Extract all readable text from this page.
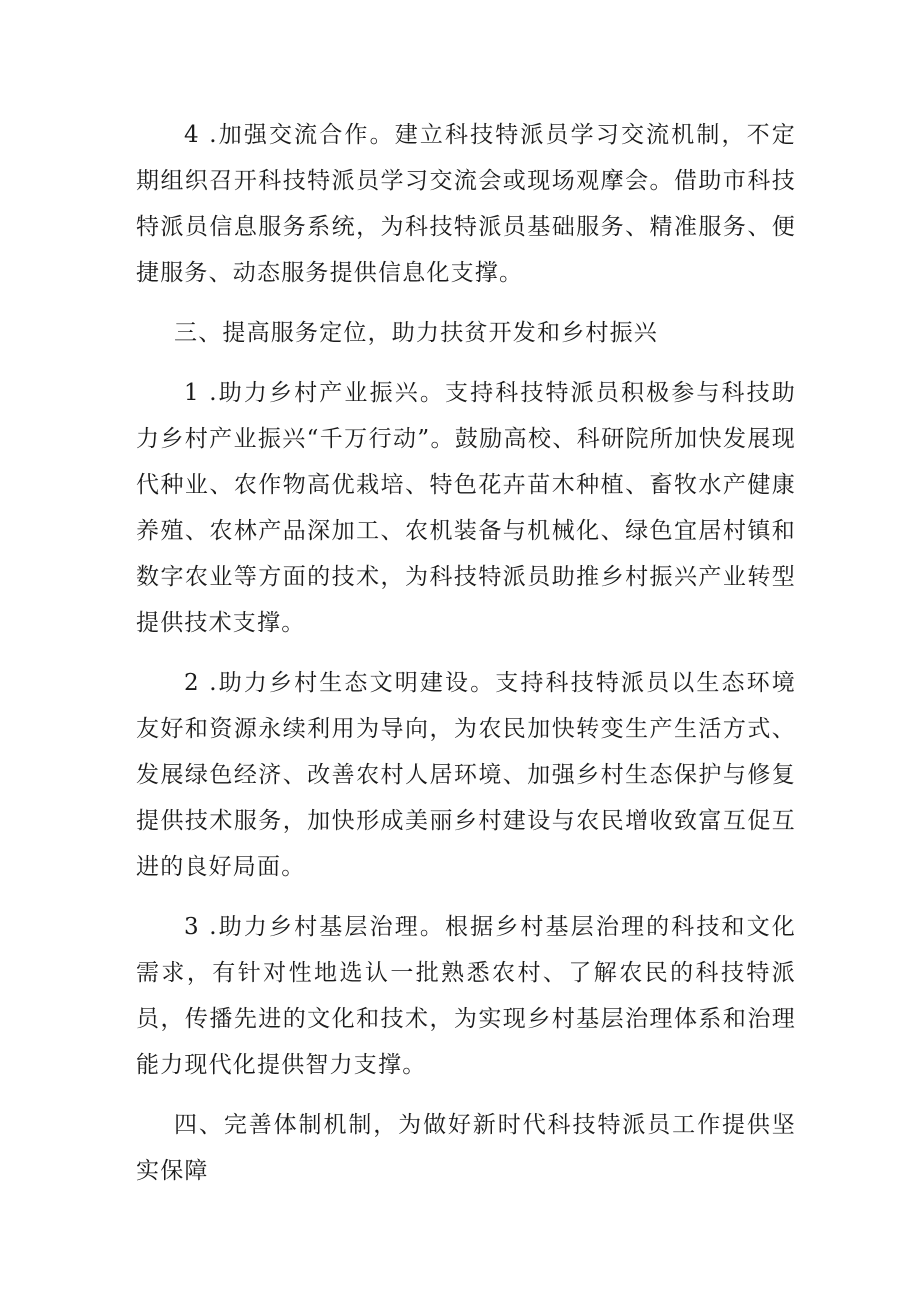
4 .加强交流合作。建立科技特派员学习交流机制，不定期组织召开科技特派员学习交流会或现场观摩会。借助市科技特派员信息服务系统，为科技特派员基础服务、精准服务、便捷服务、动态服务提供信息化支撑。

三、提高服务定位，助力扶贫开发和乡村振兴

1 .助力乡村产业振兴。支持科技特派员积极参与科技助力乡村产业振兴“千万行动”。鼓励高校、科研院所加快发展现代种业、农作物高优栽培、特色花卉苗木种植、畜牧水产健康养殖、农林产品深加工、农机装备与机械化、绿色宜居村镇和数字农业等方面的技术，为科技特派员助推乡村振兴产业转型提供技术支撑。

2 .助力乡村生态文明建设。支持科技特派员以生态环境友好和资源永续利用为导向，为农民加快转变生产生活方式、发展绿色经济、改善农村人居环境、加强乡村生态保护与修复提供技术服务，加快形成美丽乡村建设与农民增收致富互促互进的良好局面。

3 .助力乡村基层治理。根据乡村基层治理的科技和文化需求，有针对性地选认一批熟悉农村、了解农民的科技特派员，传播先进的文化和技术，为实现乡村基层治理体系和治理能力现代化提供智力支撑。

四、完善体制机制，为做好新时代科技特派员工作提供坚实保障
